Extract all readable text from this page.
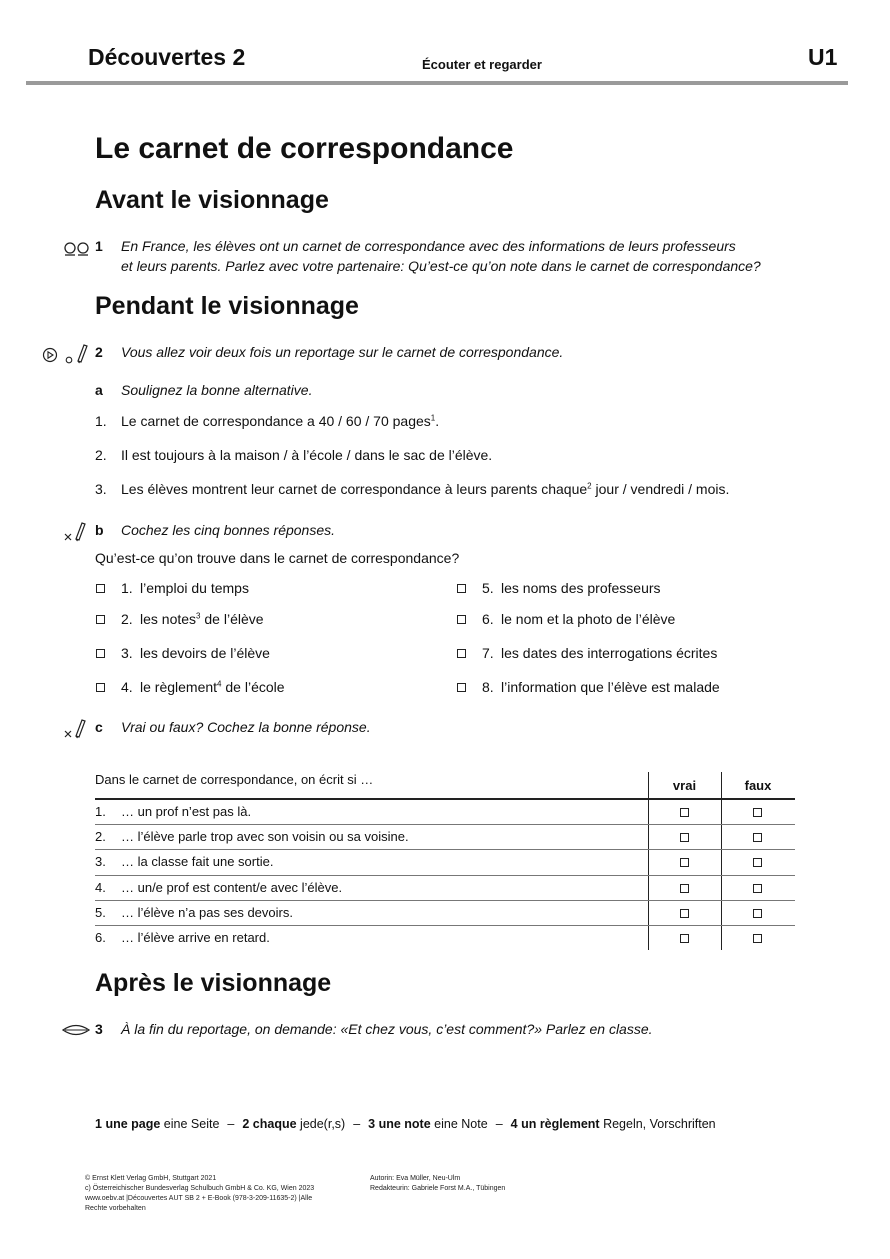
Découvertes 2	Écouter et regarder	U1
Le carnet de correspondance
Avant le visionnage
1 En France, les élèves ont un carnet de correspondance avec des informations de leurs professeurs
et leurs parents. Parlez avec votre partenaire: Qu’est-ce qu’on note dans le carnet de correspondance?
Pendant le visionnage
2 Vous allez voir deux fois un reportage sur le carnet de correspondance.
a Soulignez la bonne alternative.
1. Le carnet de correspondance a 40 / 60 / 70 pages$^1$.
2. Il est toujours à la maison / à l’école / dans le sac de l’élève.
3. Les élèves montrent leur carnet de correspondance à leurs parents chaque$^2$ jour / vendredi / mois.
b Cochez les cinq bonnes réponses.
Qu’est-ce qu’on trouve dans le carnet de correspondance?
1. l’emploi du temps	5. les noms des professeurs
2. les notes$^3$ de l’élève	6. le nom et la photo de l’élève
3. les devoirs de l’élève	7. les dates des interrogations écrites
4. le règlement$^4$ de l’école	8. l’information que l’élève est malade
c Vrai ou faux? Cochez la bonne réponse.
Dans le carnet de correspondance, on écrit si …	vrai	faux
1. … un prof n’est pas là.
2. … l’élève parle trop avec son voisin ou sa voisine.
3. … la classe fait une sortie.
4. … un/e prof est content/e avec l’élève.
5. … l’élève n’a pas ses devoirs.
6. … l’élève arrive en retard.
Après le visionnage
3 À la fin du reportage, on demande: «Et chez vous, c’est comment?» Parlez en classe.
1 une page eine Seite – 2 chaque jede(r,s) – 3 une note eine Note – 4 un règlement Regeln, Vorschriften
© Ernst Klett Verlag GmbH, Stuttgart 2021
c) Österreichischer Bundesverlag Schulbuch GmbH & Co. KG, Wien 2023
www.oebv.at |Découvertes AUT SB 2 + E-Book (978-3-209-11635-2) |Alle
Rechte vorbehalten
Autorin: Eva Müller, Neu-Ulm
Redakteurin: Gabriele Forst M.A., Tübingen
